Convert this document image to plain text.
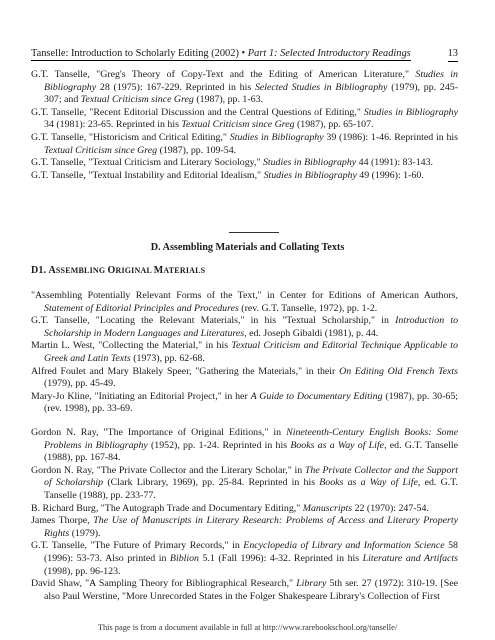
Tanselle: Introduction to Scholarly Editing (2002) • Part 1: Selected Introductory Readings	13

G.T. Tanselle, "Greg's Theory of Copy-Text and the Editing of American Literature," Studies in Bibliography 28 (1975): 167-229. Reprinted in his Selected Studies in Bibliography (1979), pp. 245-307; and Textual Criticism since Greg (1987), pp. 1-63.

G.T. Tanselle, "Recent Editorial Discussion and the Central Questions of Editing," Studies in Bibliography 34 (1981): 23-65. Reprinted in his Textual Criticism since Greg (1987), pp. 65-107.

G.T. Tanselle, "Historicism and Critical Editing," Studies in Bibliography 39 (1986): 1-46. Reprinted in his Textual Criticism since Greg (1987), pp. 109-54.

G.T. Tanselle, "Textual Criticism and Literary Sociology," Studies in Bibliography 44 (1991): 83-143.

G.T. Tanselle, "Textual Instability and Editorial Idealism," Studies in Bibliography 49 (1996): 1-60.

D. Assembling Materials and Collating Texts
D1. ASSEMBLING ORIGINAL MATERIALS

"Assembling Potentially Relevant Forms of the Text," in Center for Editions of American Authors, Statement of Editorial Principles and Procedures (rev. G.T. Tanselle, 1972), pp. 1-2.

G.T. Tanselle, "Locating the Relevant Materials," in his "Textual Scholarship," in Introduction to Scholarship in Modern Languages and Literatures, ed. Joseph Gibaldi (1981), p. 44.

Martin L. West, "Collecting the Material," in his Textual Criticism and Editorial Technique Applicable to Greek and Latin Texts (1973), pp. 62-68.

Alfred Foulet and Mary Blakely Speer, "Gathering the Materials," in their On Editing Old French Texts (1979), pp. 45-49.

Mary-Jo Kline, "Initiating an Editorial Project," in her A Guide to Documentary Editing (1987), pp. 30-65; (rev. 1998), pp. 33-69.

Gordon N. Ray, "The Importance of Original Editions," in Nineteenth-Century English Books: Some Problems in Bibliography (1952), pp. 1-24. Reprinted in his Books as a Way of Life, ed. G.T. Tanselle (1988), pp. 167-84.

Gordon N. Ray, "The Private Collector and the Literary Scholar," in The Private Collector and the Support of Scholarship (Clark Library, 1969), pp. 25-84. Reprinted in his Books as a Way of Life, ed. G.T. Tanselle (1988), pp. 233-77.

B. Richard Burg, "The Autograph Trade and Documentary Editing," Manuscripts 22 (1970): 247-54.

James Thorpe, The Use of Manuscripts in Literary Research: Problems of Access and Literary Property Rights (1979).

G.T. Tanselle, "The Future of Primary Records," in Encyclopedia of Library and Information Science 58 (1996): 53-73. Also printed in Biblion 5.1 (Fall 1996): 4-32. Reprinted in his Literature and Artifacts (1998), pp. 96-123.

David Shaw, "A Sampling Theory for Bibliographical Research," Library 5th ser. 27 (1972): 310-19. [See also Paul Werstine, "More Unrecorded States in the Folger Shakespeare Library's Collection of First

This page is from a document available in full at http://www.rarebookschool.org/tanselle/
